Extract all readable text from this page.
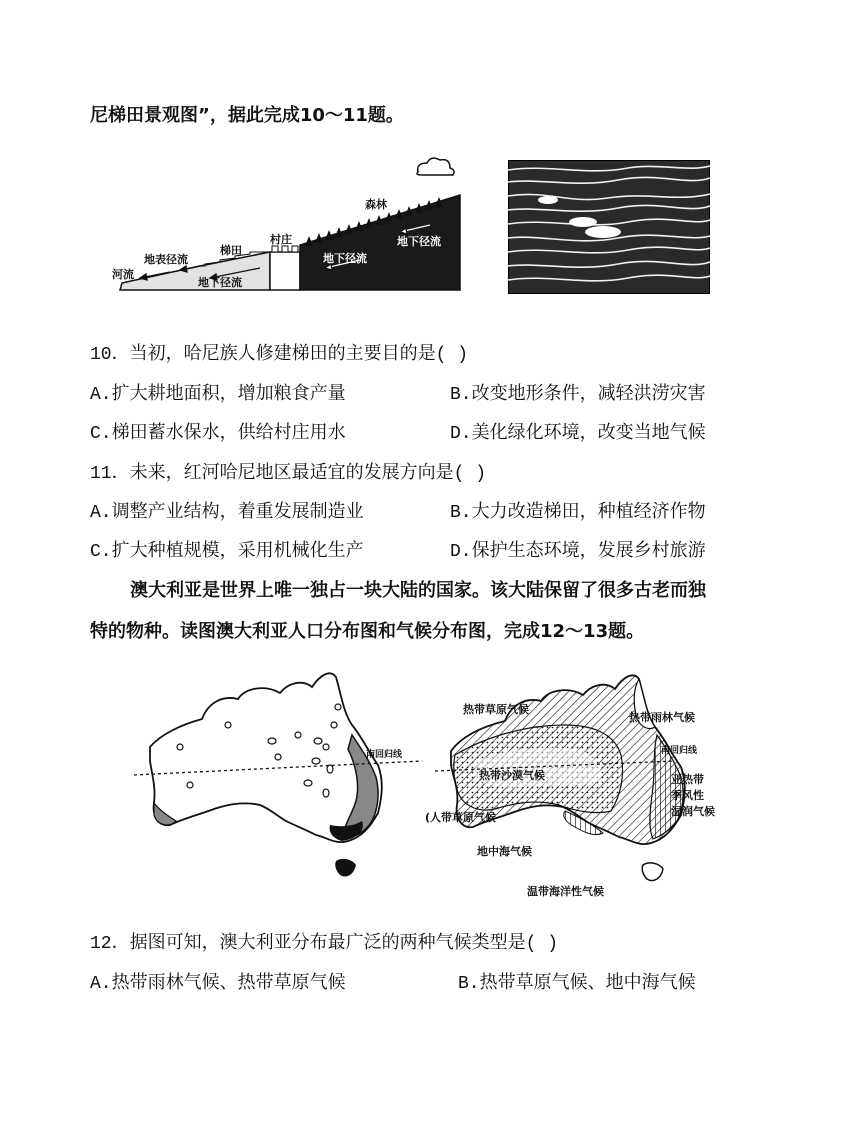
尼梯田景观图”，据此完成10～11题。
森林
村庄
梯田
地表径流
河流
地下径流
地下径流
地下径流
10．当初，哈尼族人修建梯田的主要目的是( )
A.扩大耕地面积，增加粮食产量	B.改变地形条件，减轻洪涝灾害
C.梯田蓄水保水，供给村庄用水	D.美化绿化环境，改变当地气候
11．未来，红河哈尼地区最适宜的发展方向是( )
A.调整产业结构，着重发展制造业	B.大力改造梯田，种植经济作物
C.扩大种植规模，采用机械化生产	D.保护生态环境，发展乡村旅游
澳大利亚是世界上唯一独占一块大陆的国家。该大陆保留了很多古老而独
特的物种。读图澳大利亚人口分布图和气候分布图，完成12～13题。
南回归线
热带草原气候
热带雨林气候
南回归线
热带沙漠气候	亚热带
季风性
湿润气候
(人带草原气候
地中海气候
温带海洋性气候
12．据图可知，澳大利亚分布最广泛的两种气候类型是( )
A.热带雨林气候、热带草原气候	B.热带草原气候、地中海气候
